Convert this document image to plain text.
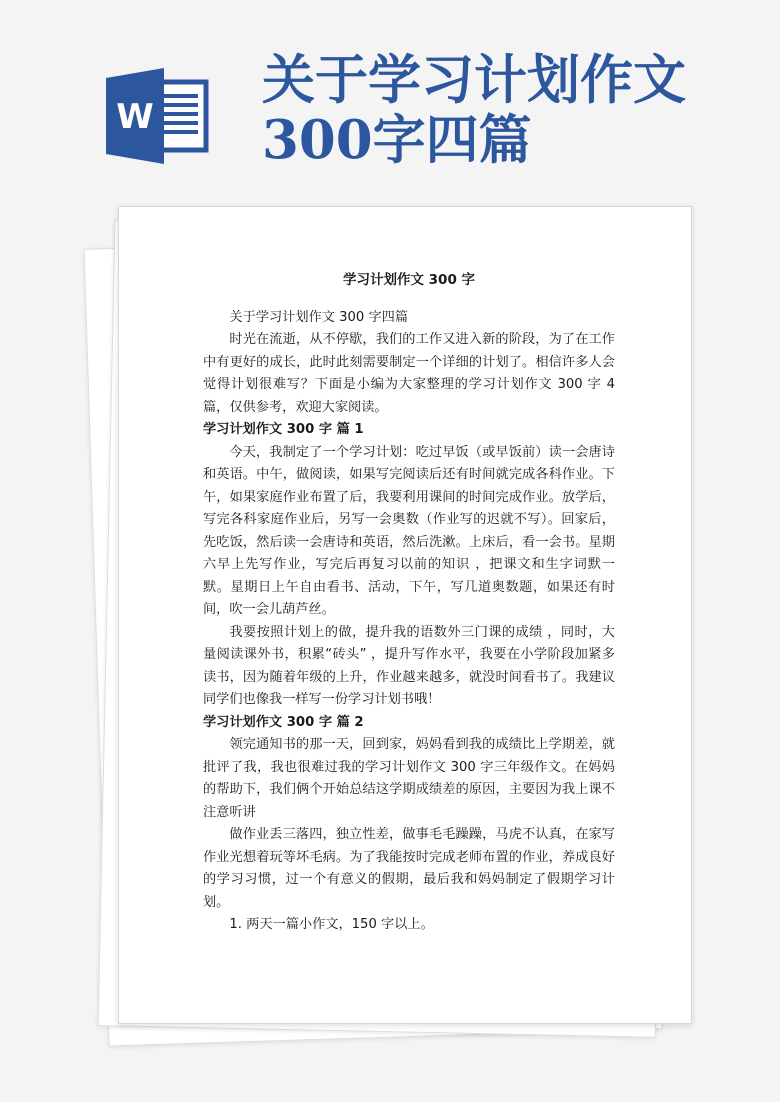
W
关于学习计划作文
300字四篇
学习计划作文 300 字

关于学习计划作文 300 字四篇

时光在流逝，从不停歇，我们的工作又进入新的阶段，为了在工作中有更好的成长，此时此刻需要制定一个详细的计划了。相信许多人会觉得计划很难写？下面是小编为大家整理的学习计划作文 300 字 4 篇，仅供参考，欢迎大家阅读。

学习计划作文 300 字 篇 1

今天，我制定了一个学习计划：吃过早饭（或早饭前）读一会唐诗和英语。中午，做阅读，如果写完阅读后还有时间就完成各科作业。下午，如果家庭作业布置了后，我要利用课间的时间完成作业。放学后，写完各科家庭作业后，另写一会奥数（作业写的迟就不写）。回家后，先吃饭，然后读一会唐诗和英语，然后洗漱。上床后，看一会书。星期六早上先写作业，写完后再复习以前的知识 ，把课文和生字词默一默。星期日上午自由看书、活动，下午，写几道奥数题，如果还有时间，吹一会儿葫芦丝。

我要按照计划上的做，提升我的语数外三门课的成绩 ，同时，大量阅读课外书，积累“砖头” ，提升写作水平，我要在小学阶段加紧多读书，因为随着年级的上升，作业越来越多，就没时间看书了。我建议同学们也像我一样写一份学习计划书哦！

学习计划作文 300 字 篇 2

领完通知书的那一天，回到家，妈妈看到我的成绩比上学期差，就批评了我，我也很难过我的学习计划作文 300 字三年级作文。在妈妈的帮助下，我们俩个开始总结这学期成绩差的原因，主要因为我上课不注意听讲

做作业丢三落四，独立性差，做事毛毛躁躁，马虎不认真，在家写作业光想着玩等坏毛病。为了我能按时完成老师布置的作业，养成良好的学习习惯，过一个有意义的假期，最后我和妈妈制定了假期学习计划。

1. 两天一篇小作文，150 字以上。
